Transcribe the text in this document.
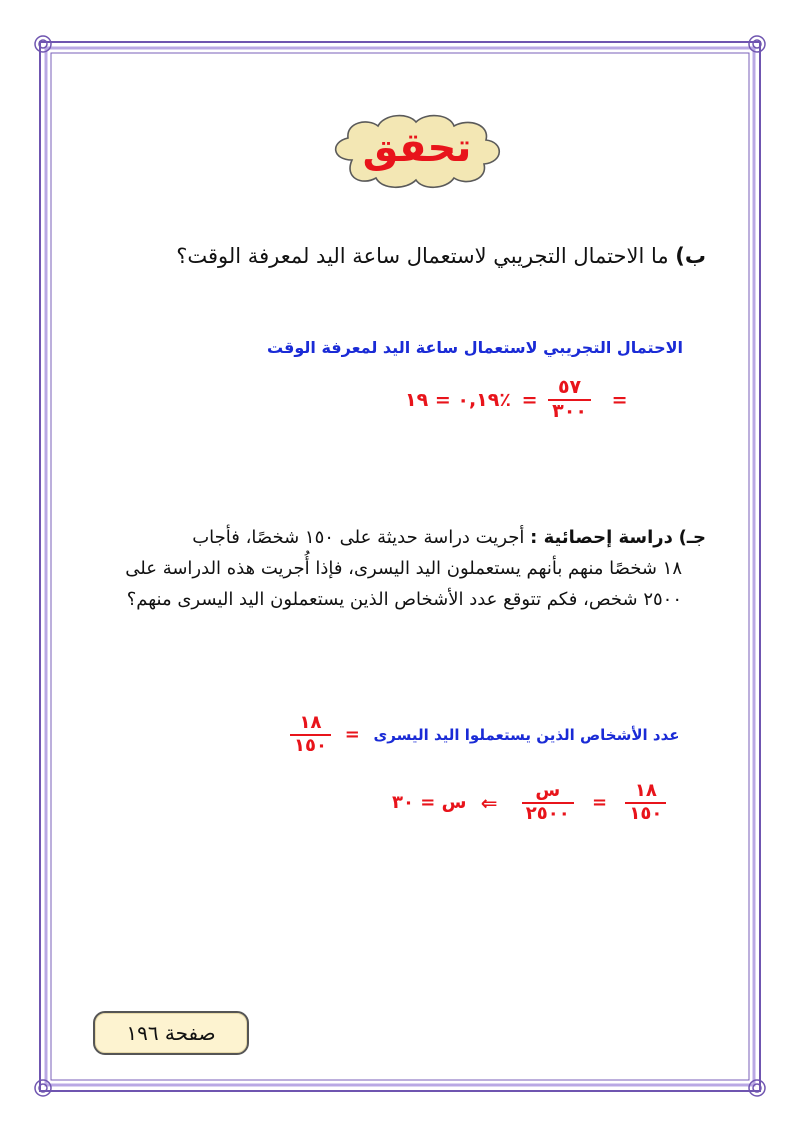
تحقق
ب) ما الاحتمال التجريبي لاستعمال ساعة اليد لمعرفة الوقت؟
الاحتمال التجريبي لاستعمال ساعة اليد لمعرفة الوقت
٠,١٩ = ١٩٪ = $\frac{٥٧}{٣٠٠}$ =
جـ) دراسة إحصائية : أجريت دراسة حديثة على ١٥٠ شخصًا، فأجاب
١٨ شخصًا منهم بأنهم يستعملون اليد اليسرى، فإذا أُجريت هذه الدراسة على
٢٥٠٠ شخص، فكم تتوقع عدد الأشخاص الذين يستعملون اليد اليسرى منهم؟
$\frac{١٨}{١٥٠}$ = عدد الأشخاص الذين يستعملوا اليد اليسرى
س = ٣٠ ⇐ $\frac{\text{س}}{٢٥٠٠} = \frac{١٨}{١٥٠}$
صفحة ١٩٦
